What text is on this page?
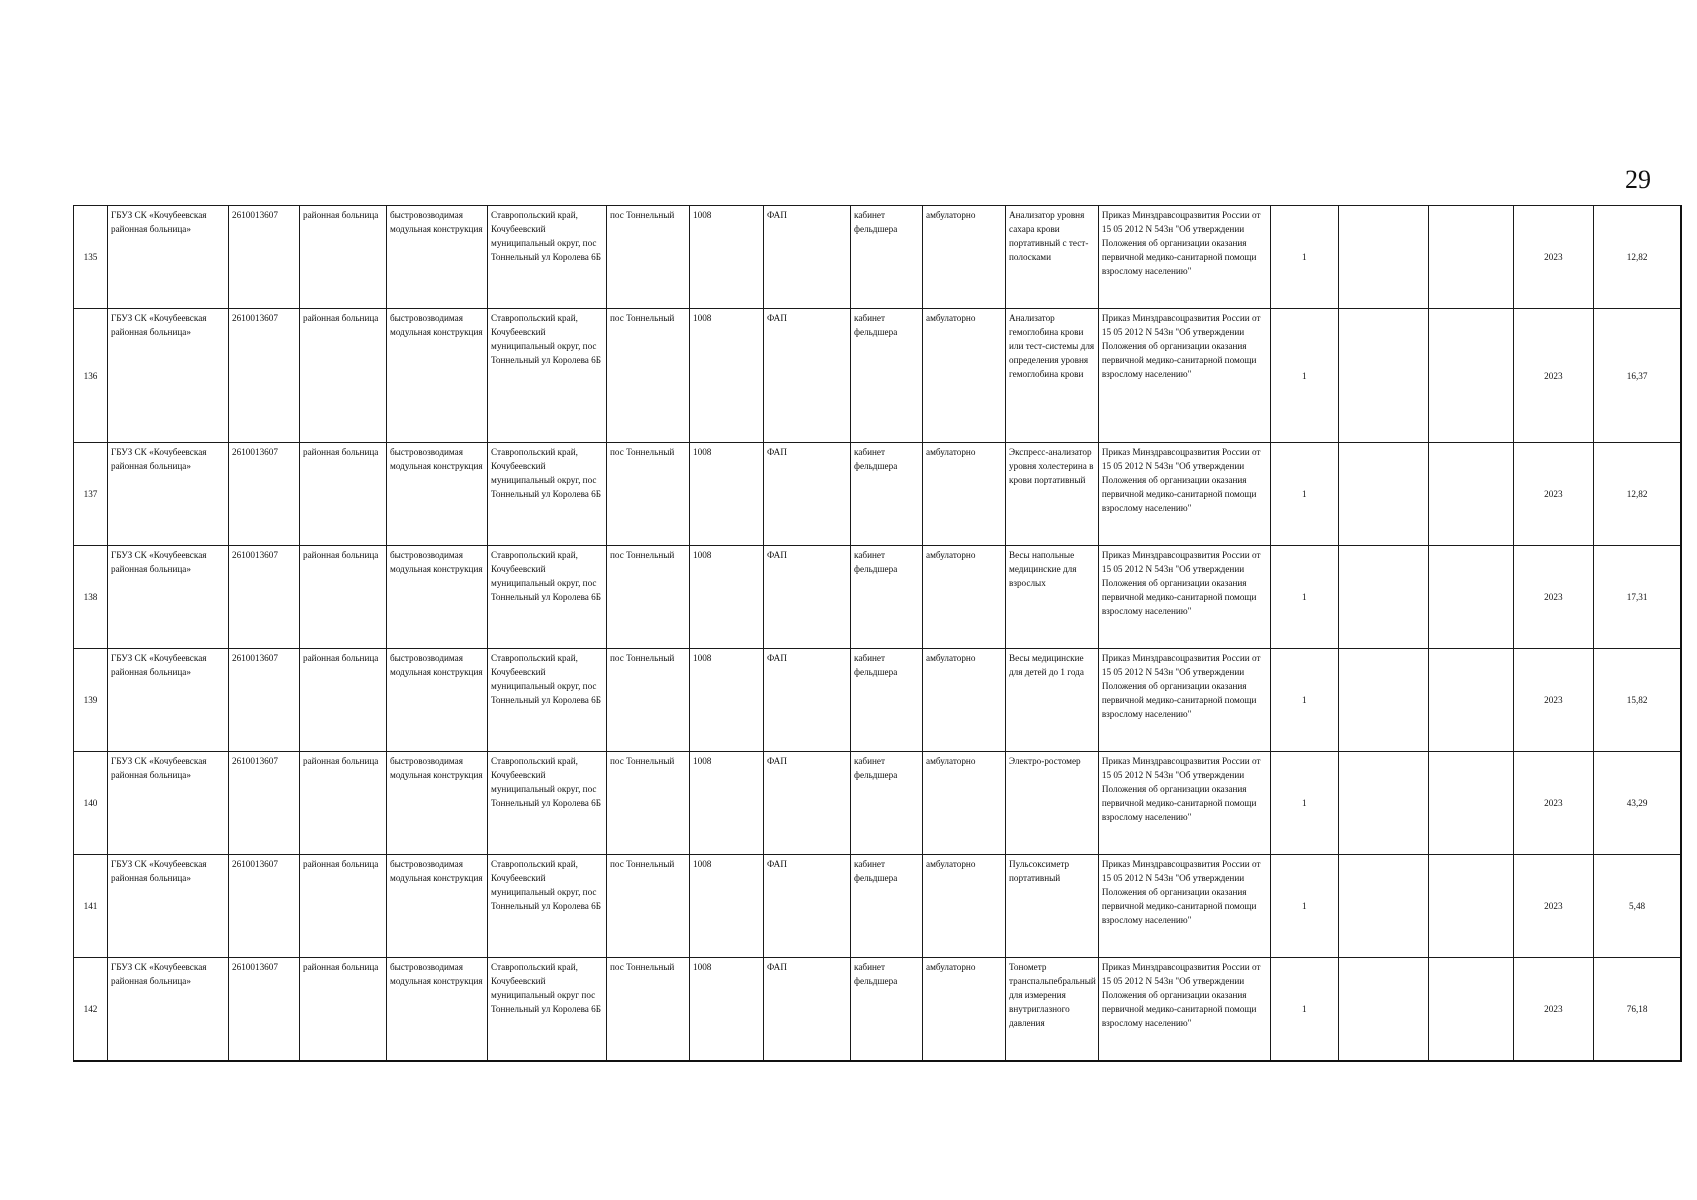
29
135	ГБУЗ СК «Кочубеевская районная больница»	2610013607	районная больница	быстровозводимая модульная конструкция	Ставропольский край, Кочубеевский муниципальный округ, пос Тоннельный ул Королева 6Б	пос Тоннельный	1008	ФАП	кабинет фельдшера	амбулаторно	Анализатор уровня сахара крови портативный с тест-полосками	Приказ Минздравсоцразвития России от 15 05 2012 N 543н "Об утверждении Положения об организации оказания первичной медико-санитарной помощи взрослому населению"	1			2023	12,82
136	ГБУЗ СК «Кочубеевская районная больница»	2610013607	районная больница	быстровозводимая модульная конструкция	Ставропольский край, Кочубеевский муниципальный округ, пос Тоннельный ул Королева 6Б	пос Тоннельный	1008	ФАП	кабинет фельдшера	амбулаторно	Анализатор гемоглобина крови или тест-системы для определения уровня гемоглобина крови	Приказ Минздравсоцразвития России от 15 05 2012 N 543н "Об утверждении Положения об организации оказания первичной медико-санитарной помощи взрослому населению"	1			2023	16,37
137	ГБУЗ СК «Кочубеевская районная больница»	2610013607	районная больница	быстровозводимая модульная конструкция	Ставропольский край, Кочубеевский муниципальный округ, пос Тоннельный ул Королева 6Б	пос Тоннельный	1008	ФАП	кабинет фельдшера	амбулаторно	Экспресс-анализатор уровня холестерина в крови портативный	Приказ Минздравсоцразвития России от 15 05 2012 N 543н "Об утверждении Положения об организации оказания первичной медико-санитарной помощи взрослому населению"	1			2023	12,82
138	ГБУЗ СК «Кочубеевская районная больница»	2610013607	районная больница	быстровозводимая модульная конструкция	Ставропольский край, Кочубеевский муниципальный округ, пос Тоннельный ул Королева 6Б	пос Тоннельный	1008	ФАП	кабинет фельдшера	амбулаторно	Весы напольные медицинские для взрослых	Приказ Минздравсоцразвития России от 15 05 2012 N 543н "Об утверждении Положения об организации оказания первичной медико-санитарной помощи взрослому населению"	1			2023	17,31
139	ГБУЗ СК «Кочубеевская районная больница»	2610013607	районная больница	быстровозводимая модульная конструкция	Ставропольский край, Кочубеевский муниципальный округ, пос Тоннельный ул Королева 6Б	пос Тоннельный	1008	ФАП	кабинет фельдшера	амбулаторно	Весы медицинские для детей до 1 года	Приказ Минздравсоцразвития России от 15 05 2012 N 543н "Об утверждении Положения об организации оказания первичной медико-санитарной помощи взрослому населению"	1			2023	15,82
140	ГБУЗ СК «Кочубеевская районная больница»	2610013607	районная больница	быстровозводимая модульная конструкция	Ставропольский край, Кочубеевский муниципальный округ, пос Тоннельный ул Королева 6Б	пос Тоннельный	1008	ФАП	кабинет фельдшера	амбулаторно	Электро-ростомер	Приказ Минздравсоцразвития России от 15 05 2012 N 543н "Об утверждении Положения об организации оказания первичной медико-санитарной помощи взрослому населению"	1			2023	43,29
141	ГБУЗ СК «Кочубеевская районная больница»	2610013607	районная больница	быстровозводимая модульная конструкция	Ставропольский край, Кочубеевский муниципальный округ, пос Тоннельный ул Королева 6Б	пос Тоннельный	1008	ФАП	кабинет фельдшера	амбулаторно	Пульсоксиметр портативный	Приказ Минздравсоцразвития России от 15 05 2012 N 543н "Об утверждении Положения об организации оказания первичной медико-санитарной помощи взрослому населению"	1			2023	5,48
142	ГБУЗ СК «Кочубеевская районная больница»	2610013607	районная больница	быстровозводимая модульная конструкция	Ставропольский край, Кочубеевский муниципальный округ пос Тоннельный ул Королева 6Б	пос Тоннельный	1008	ФАП	кабинет фельдшера	амбулаторно	Тонометр транспальпебральный для измерения внутриглазного давления	Приказ Минздравсоцразвития России от 15 05 2012 N 543н "Об утверждении Положения об организации оказания первичной медико-санитарной помощи взрослому населению"	1			2023	76,18
